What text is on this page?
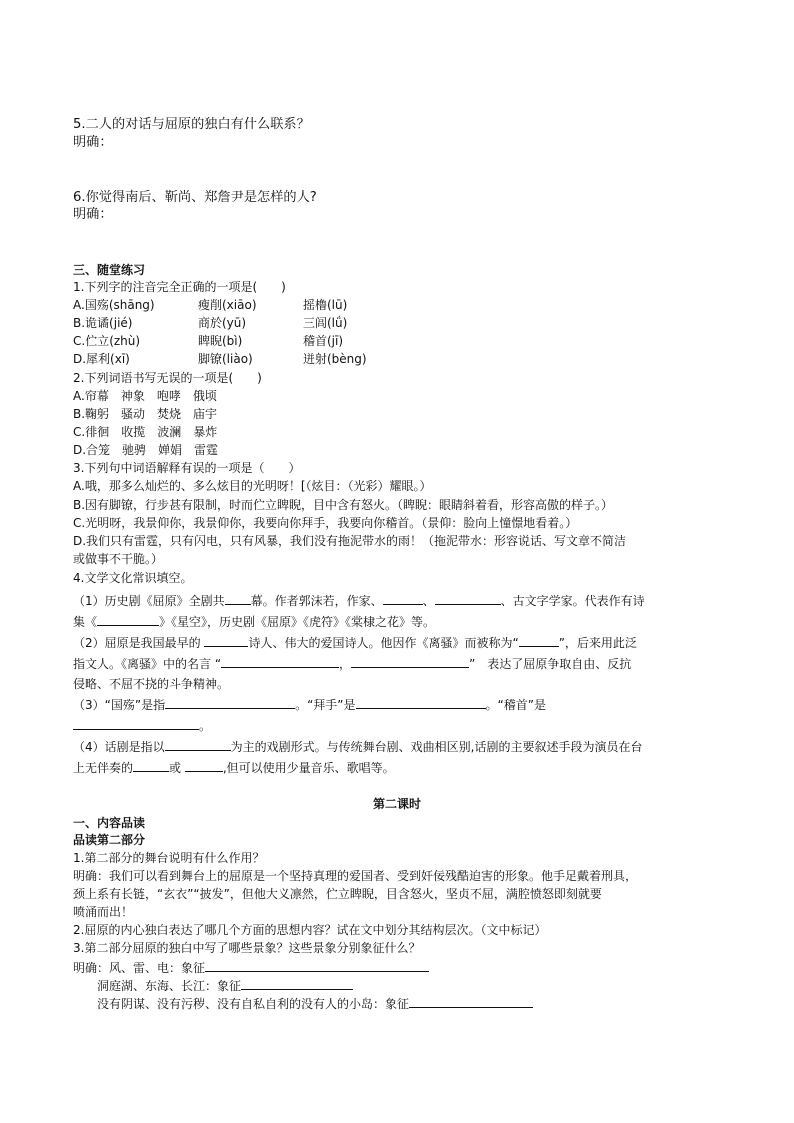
5.二人的对话与屈原的独白有什么联系？
明确：
6.你觉得南后、靳尚、郑詹尹是怎样的人?
明确：
三、随堂练习
1.下列字的注音完全正确的一项是(　　)
A.国殇(shāng)	瘦削(xiāo)	摇橹(lū)
B.诡谲(jié)	商於(yū)	三闾(lǘ)
C.伫立(zhù)	睥睨(bì)	稽首(jī)
D.犀利(xī)	脚镣(liào)	迸射(bèng)
2.下列词语书写无误的一项是(　　)
A.帘幕　神象　咆哮　俄顷
B.鞠躬　骚动　焚烧　庙宇
C.徘徊　收揽　波澜　暴炸
D.合笼　驰骋　婵娟　雷霆
3.下列句中词语解释有误的一项是（　　）
A.哦，那多么灿烂的、多么炫目的光明呀！[（炫目：（光彩）耀眼。）
B.因有脚镣，行步甚有限制，时而伫立睥睨，目中含有怒火。（睥睨：眼睛斜着看，形容高傲的样子。）
C.光明呀，我景仰你，我景仰你，我要向你拜手，我要向你稽首。（景仰：脸向上憧憬地看着。）
D.我们只有雷霆，只有闪电，只有风暴，我们没有拖泥带水的雨！（拖泥带水：形容说话、写文章不简洁
或做事不干脆。）
4.文学文化常识填空。
（1）历史剧《屈原》全剧共 幕。作者郭沫若，作家、	、	、古文字学家。代表作有诗
集《	》《星空》，历史剧《屈原》《虎符》《棠棣之花》等。
（2）屈原是我国最早的	诗人、伟大的爱国诗人。他因作《离骚》而被称为“	”，后来用此泛
指文人。《离骚》中的名言 “	，	”　表达了屈原争取自由、反抗
侵略、不屈不挠的斗争精神。
（3）“国殇”是指	。“拜手”是	。“稽首”是
。
（4）话剧是指以	为主的戏剧形式。与传统舞台剧、戏曲相区别,话剧的主要叙述手段为演员在台
上无伴奏的	或	,但可以使用少量音乐、歌唱等。
第二课时
一、内容品读
品读第二部分
1.第二部分的舞台说明有什么作用？
明确：我们可以看到舞台上的屈原是一个坚持真理的爱国者、受到奸佞残酷迫害的形象。他手足戴着刑具，
颈上系有长链，“玄衣”“披发”，但他大义凛然，伫立睥睨，目含怒火，坚贞不屈，满腔愤怒即刻就要
喷涌而出！
2.屈原的内心独白表达了哪几个方面的思想内容？试在文中划分其结构层次。（文中标记）
3.第二部分屈原的独白中写了哪些景象？这些景象分别象征什么？
明确：风、雷、电：象征
洞庭湖、东海、长江：象征
没有阴谋、没有污秽、没有自私自利的没有人的小岛：象征
